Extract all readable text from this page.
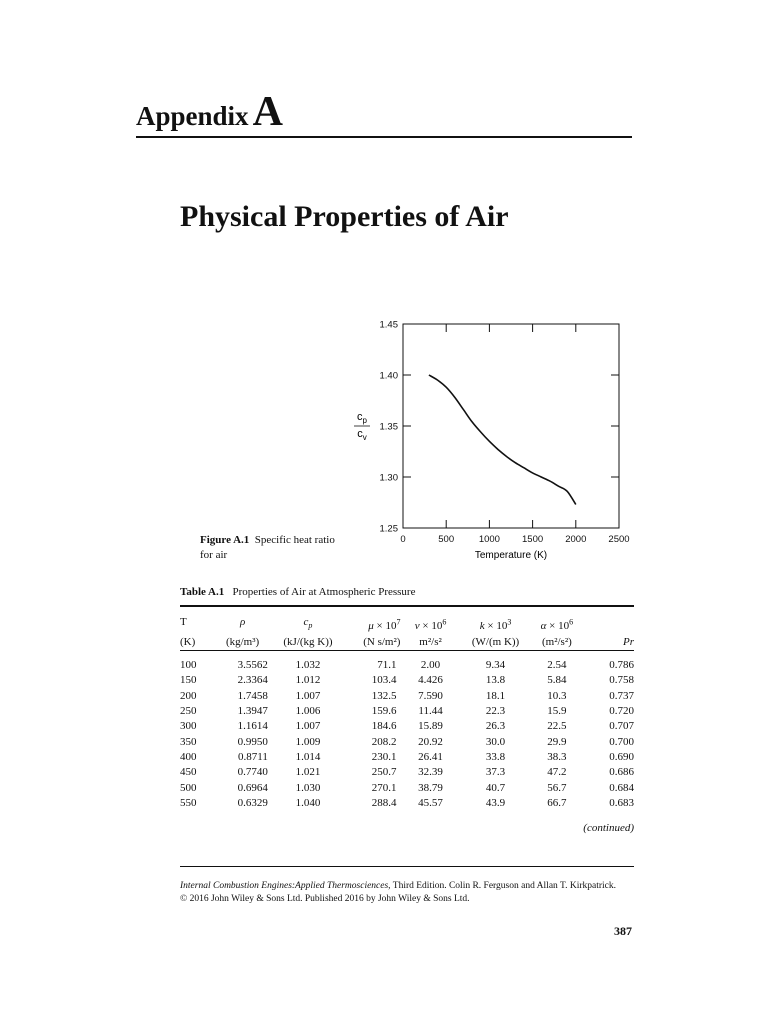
AppendixA
Physical Properties of Air
0	500	1000 1500 2000 2500
1.25
1.30
1.35
1.40
1.45
Temperature (K)
$c_p$
$c_v$
Figure A.1 Specific heat ratio
for air
Table A.1 Properties of Air at Atmospheric Pressure
T	ρ	$c_p$	$\mu \times 10^7$	$\nu \times 10^6$	$k \times 10^3$	$\alpha \times 10^6$	
(K)	(kg/m³)	(kJ/(kg K))	(N s/m²)	m²/s²	(W/(m K))	(m²/s²)	Pr
100	3.5562	1.032	71.1	2.00	9.34	2.54	0.786
150	2.3364	1.012	103.4	4.426	13.8	5.84	0.758
200	1.7458	1.007	132.5	7.590	18.1	10.3	0.737
250	1.3947	1.006	159.6	11.44	22.3	15.9	0.720
300	1.1614	1.007	184.6	15.89	26.3	22.5	0.707
350	0.9950	1.009	208.2	20.92	30.0	29.9	0.700
400	0.8711	1.014	230.1	26.41	33.8	38.3	0.690
450	0.7740	1.021	250.7	32.39	37.3	47.2	0.686
500	0.6964	1.030	270.1	38.79	40.7	56.7	0.684
550	0.6329	1.040	288.4	45.57	43.9	66.7	0.683
(continued)
Internal Combustion Engines:Applied Thermosciences, Third Edition. Colin R. Ferguson and Allan T. Kirkpatrick.
© 2016 John Wiley & Sons Ltd. Published 2016 by John Wiley & Sons Ltd.
387
